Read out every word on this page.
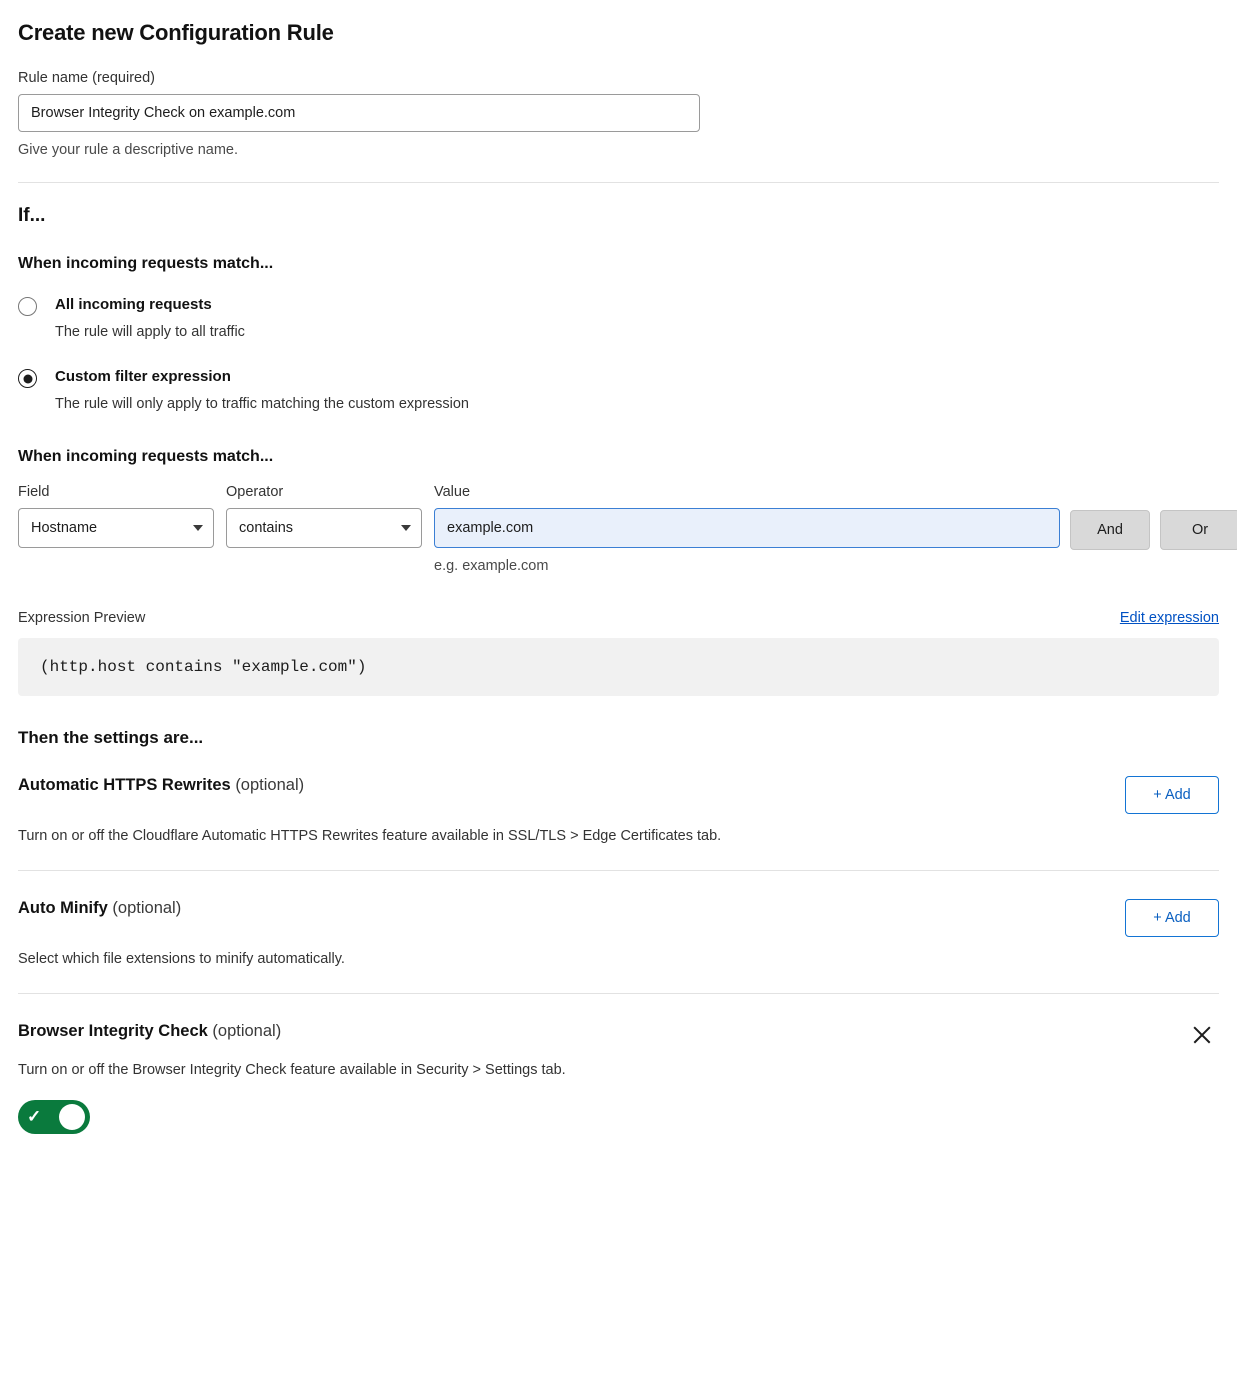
Create new Configuration Rule
Rule name (required)
Browser Integrity Check on example.com
Give your rule a descriptive name.
If...
When incoming requests match...
All incoming requests
The rule will apply to all traffic
Custom filter expression
The rule will only apply to traffic matching the custom expression
When incoming requests match...
Field
Hostname
Operator
contains
Value
example.com
e.g. example.com
And	Or
Expression Preview	Edit expression
(http.host contains "example.com")
Then the settings are...
Automatic HTTPS Rewrites (optional)
+ Add
Turn on or off the Cloudflare Automatic HTTPS Rewrites feature available in SSL/TLS > Edge Certificates tab.
Auto Minify (optional)
+ Add
Select which file extensions to minify automatically.
Browser Integrity Check (optional)
Turn on or off the Browser Integrity Check feature available in Security > Settings tab.
✓
